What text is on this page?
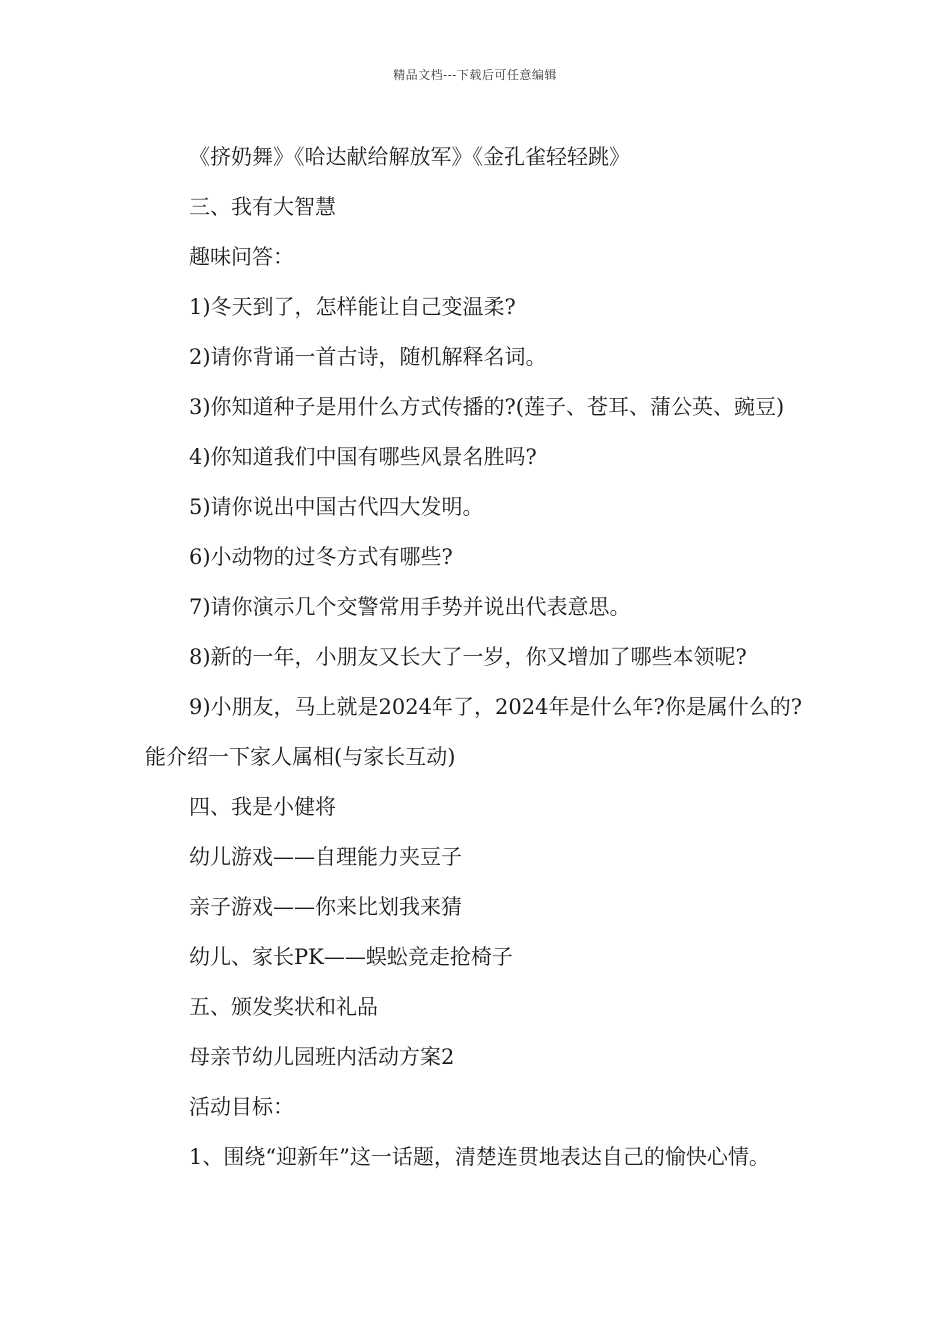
精品文档---下载后可任意编辑

《挤奶舞》《哈达献给解放军》《金孔雀轻轻跳》

三、我有大智慧

趣味问答：

1)冬天到了，怎样能让自己变温柔?

2)请你背诵一首古诗，随机解释名词。

3)你知道种子是用什么方式传播的?(莲子、苍耳、蒲公英、豌豆)

4)你知道我们中国有哪些风景名胜吗?

5)请你说出中国古代四大发明。

6)小动物的过冬方式有哪些?

7)请你演示几个交警常用手势并说出代表意思。

8)新的一年，小朋友又长大了一岁，你又增加了哪些本领呢?

9)小朋友，马上就是2024年了，2024年是什么年?你是属什么的?能介绍一下家人属相(与家长互动)

四、我是小健将

幼儿游戏——自理能力夹豆子

亲子游戏——你来比划我来猜

幼儿、家长PK——蜈蚣竞走抢椅子

五、颁发奖状和礼品

母亲节幼儿园班内活动方案2

活动目标：

1、围绕“迎新年”这一话题，清楚连贯地表达自己的愉快心情。
